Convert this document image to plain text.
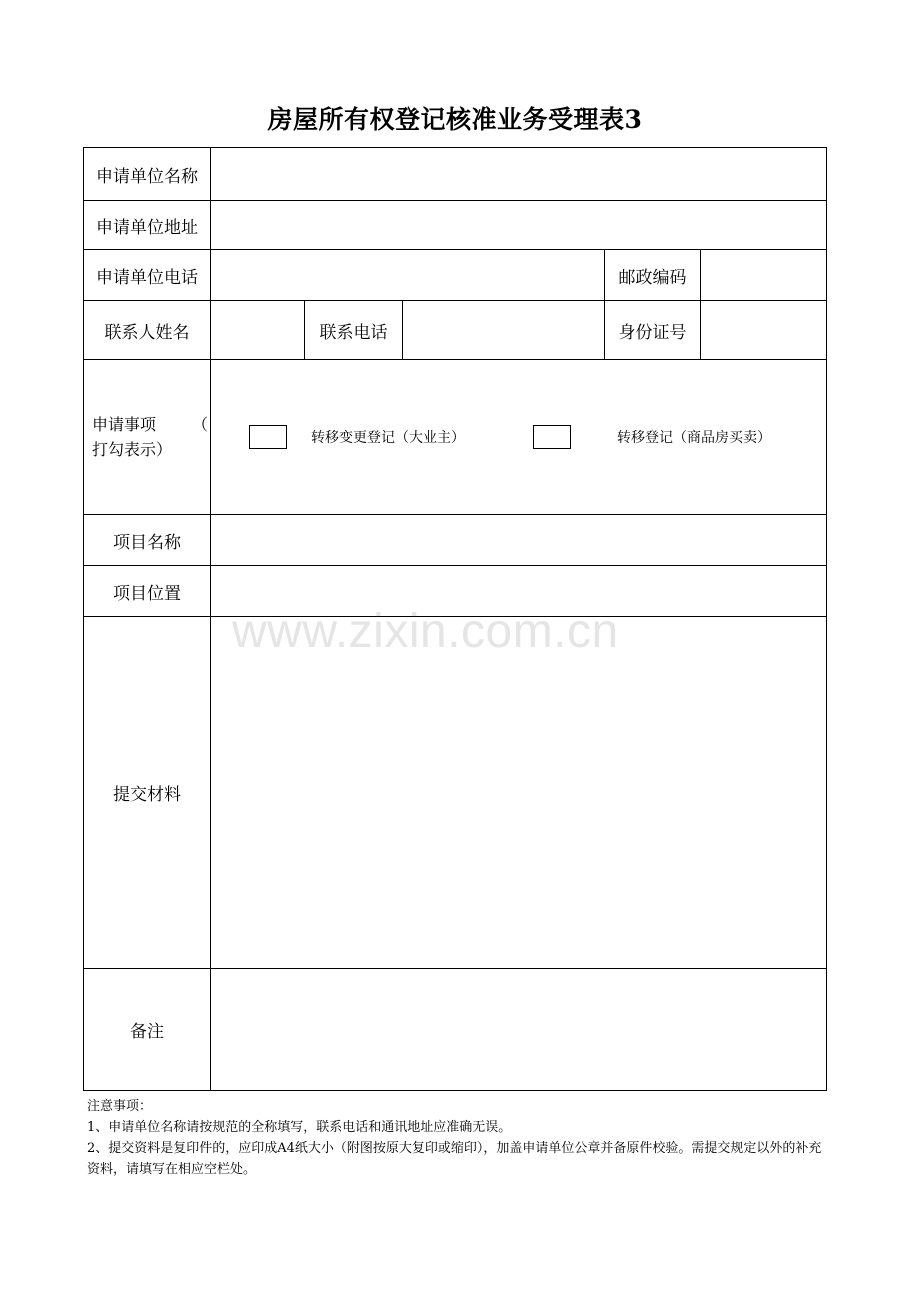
房屋所有权登记核准业务受理表3
申请单位名称					
申请单位地址					
申请单位电话				邮政编码	
联系人姓名		联系电话		身份证号	

申请事项 （
打勾表示）	转移变更登记（大业主） 转移登记（商品房买卖）				

项目名称					
项目位置					
提交材料					
备注					
www.zixin.com.cn

注意事项：

1、申请单位名称请按规范的全称填写，联系电话和通讯地址应准确无误。

2、提交资料是复印件的，应印成A4纸大小（附图按原大复印或缩印），加盖申请单位公章并备原件校验。需提交规定以外的补充资料，请填写在相应空栏处。
